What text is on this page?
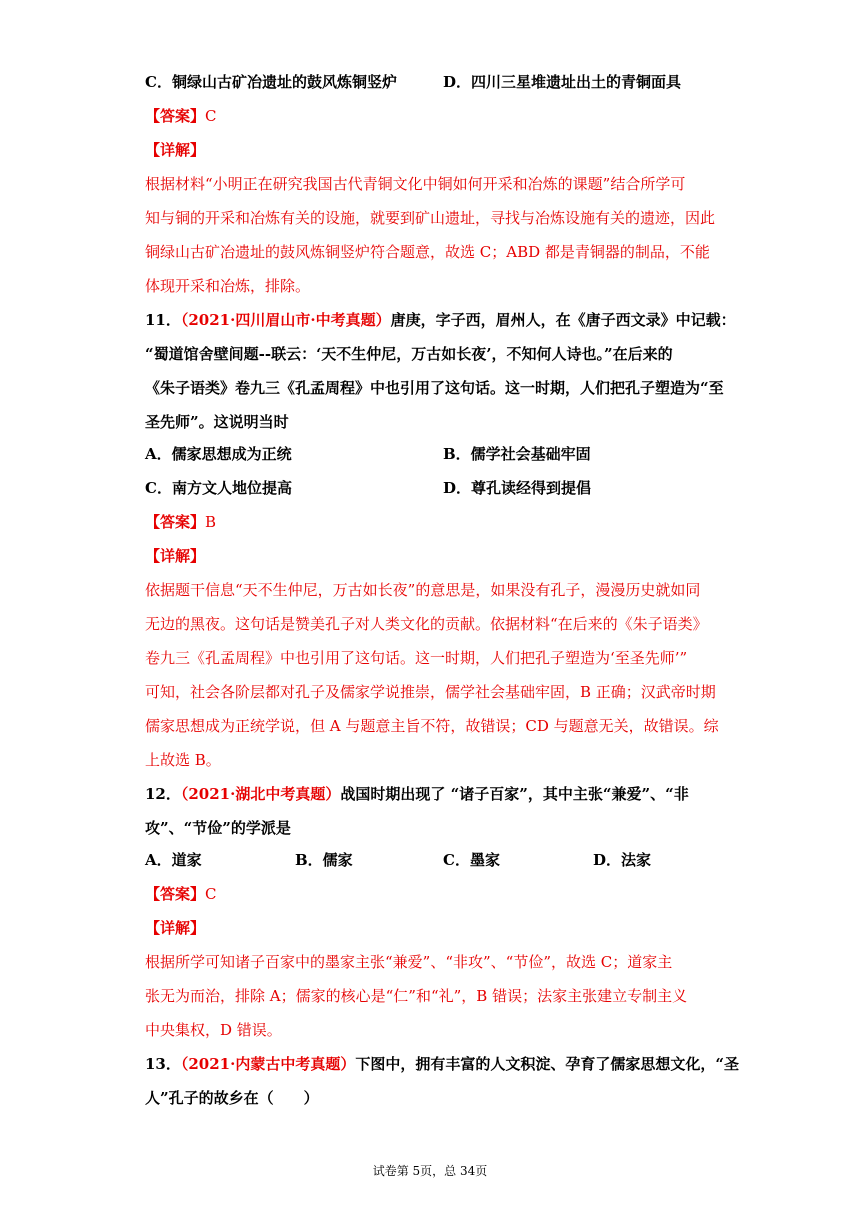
C．铜绿山古矿冶遗址的鼓风炼铜竖炉	D．四川三星堆遗址出土的青铜面具
【答案】C
【详解】
根据材料“小明正在研究我国古代青铜文化中铜如何开采和冶炼的课题”结合所学可
知与铜的开采和冶炼有关的设施，就要到矿山遗址，寻找与冶炼设施有关的遗迹，因此
铜绿山古矿冶遗址的鼓风炼铜竖炉符合题意，故选 C；ABD 都是青铜器的制品，不能
体现开采和冶炼，排除。
11．（2021·四川眉山市·中考真题）唐庚，字子西，眉州人，在《唐子西文录》中记载：
“蜀道馆舍壁间题--联云：‘天不生仲尼，万古如长夜’，不知何人诗也。”在后来的
《朱子语类》卷九三《孔孟周程》中也引用了这句话。这一时期，人们把孔子塑造为“至
圣先师”。这说明当时
A．儒家思想成为正统	B．儒学社会基础牢固
C．南方文人地位提高	D．尊孔读经得到提倡
【答案】B
【详解】
依据题干信息“天不生仲尼，万古如长夜”的意思是，如果没有孔子，漫漫历史就如同
无边的黑夜。这句话是赞美孔子对人类文化的贡献。依据材料“在后来的《朱子语类》
卷九三《孔孟周程》中也引用了这句话。这一时期，人们把孔子塑造为‘至圣先师’”
可知，社会各阶层都对孔子及儒家学说推崇，儒学社会基础牢固，B 正确；汉武帝时期
儒家思想成为正统学说，但 A 与题意主旨不符，故错误；CD 与题意无关，故错误。综
上故选 B。
12．（2021·湖北中考真题）战国时期出现了 “诸子百家”，其中主张“兼爱”、“非
攻”、“节俭”的学派是
A．道家	B．儒家	C．墨家	D．法家
【答案】C
【详解】
根据所学可知诸子百家中的墨家主张“兼爱”、“非攻”、“节俭”，故选 C；道家主
张无为而治，排除 A；儒家的核心是“仁”和“礼”，B 错误；法家主张建立专制主义
中央集权，D 错误。
13．（2021·内蒙古中考真题）下图中，拥有丰富的人文积淀、孕育了儒家思想文化，“圣
人”孔子的故乡在（　　）
试卷第 5页，总 34页
